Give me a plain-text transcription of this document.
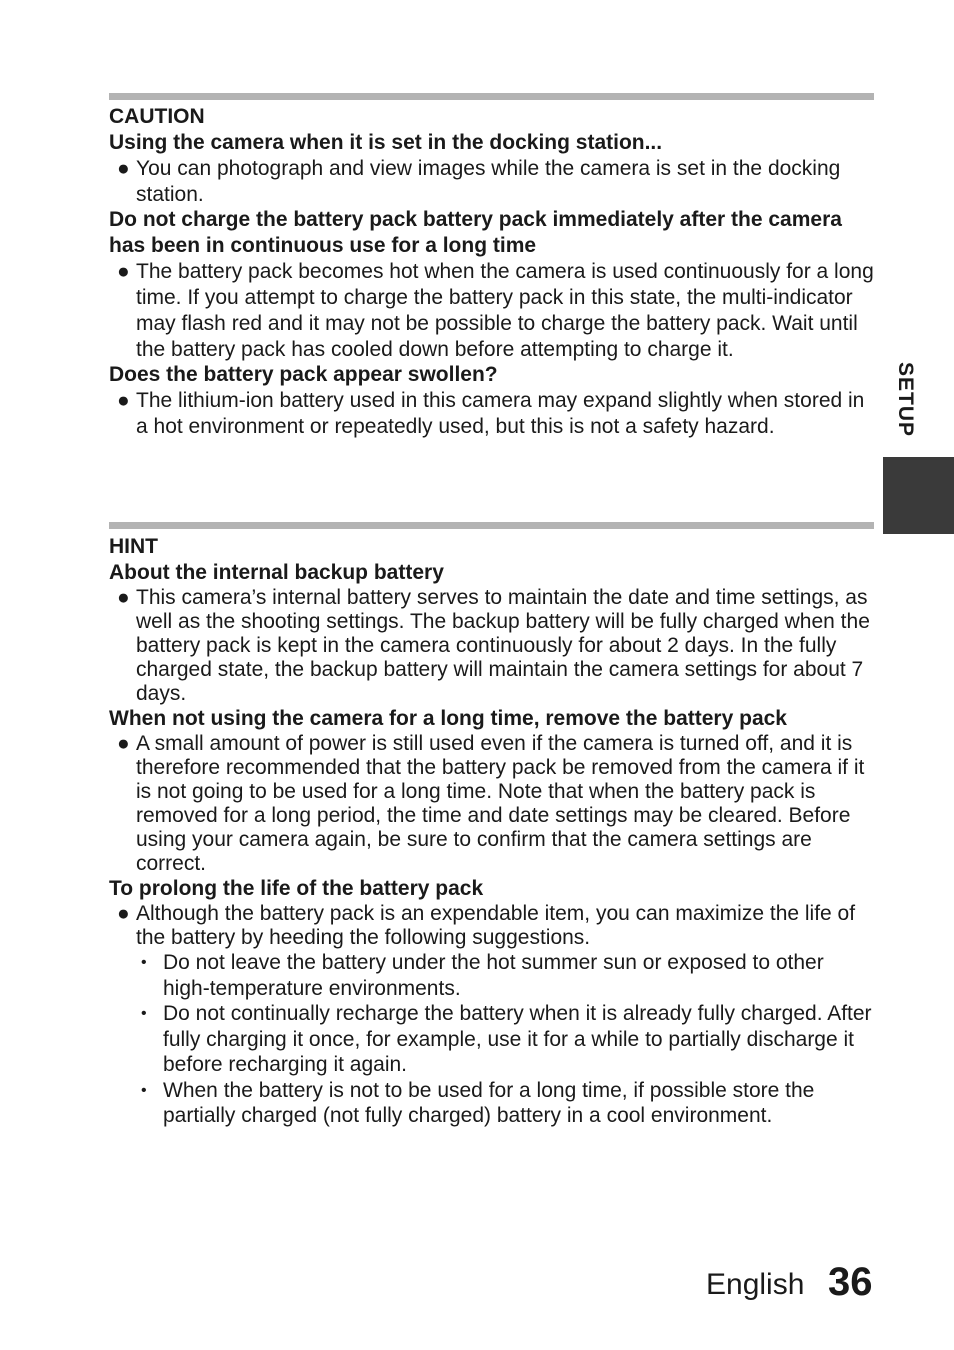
CAUTION
Using the camera when it is set in the docking station...
● You can photograph and view images while the camera is set in the docking station.
Do not charge the battery pack battery pack immediately after the camera has been in continuous use for a long time
● The battery pack becomes hot when the camera is used continuously for a long time. If you attempt to charge the battery pack in this state, the multi-indicator may flash red and it may not be possible to charge the battery pack. Wait until the battery pack has cooled down before attempting to charge it.
Does the battery pack appear swollen?
● The lithium-ion battery used in this camera may expand slightly when stored in a hot environment or repeatedly used, but this is not a safety hazard.
HINT
About the internal backup battery
● This camera’s internal battery serves to maintain the date and time settings, as well as the shooting settings. The backup battery will be fully charged when the battery pack is kept in the camera continuously for about 2 days. In the fully charged state, the backup battery will maintain the camera settings for about 7 days.
When not using the camera for a long time, remove the battery pack
● A small amount of power is still used even if the camera is turned off, and it is therefore recommended that the battery pack be removed from the camera if it is not going to be used for a long time. Note that when the battery pack is removed for a long period, the time and date settings may be cleared. Before using your camera again, be sure to confirm that the camera settings are correct.
To prolong the life of the battery pack
● Although the battery pack is an expendable item, you can maximize the life of the battery by heeding the following suggestions.
• Do not leave the battery under the hot summer sun or exposed to other high-temperature environments.
• Do not continually recharge the battery when it is already fully charged. After fully charging it once, for example, use it for a while to partially discharge it before recharging it again.
• When the battery is not to be used for a long time, if possible store the partially charged (not fully charged) battery in a cool environment.
SETUP
English 36
